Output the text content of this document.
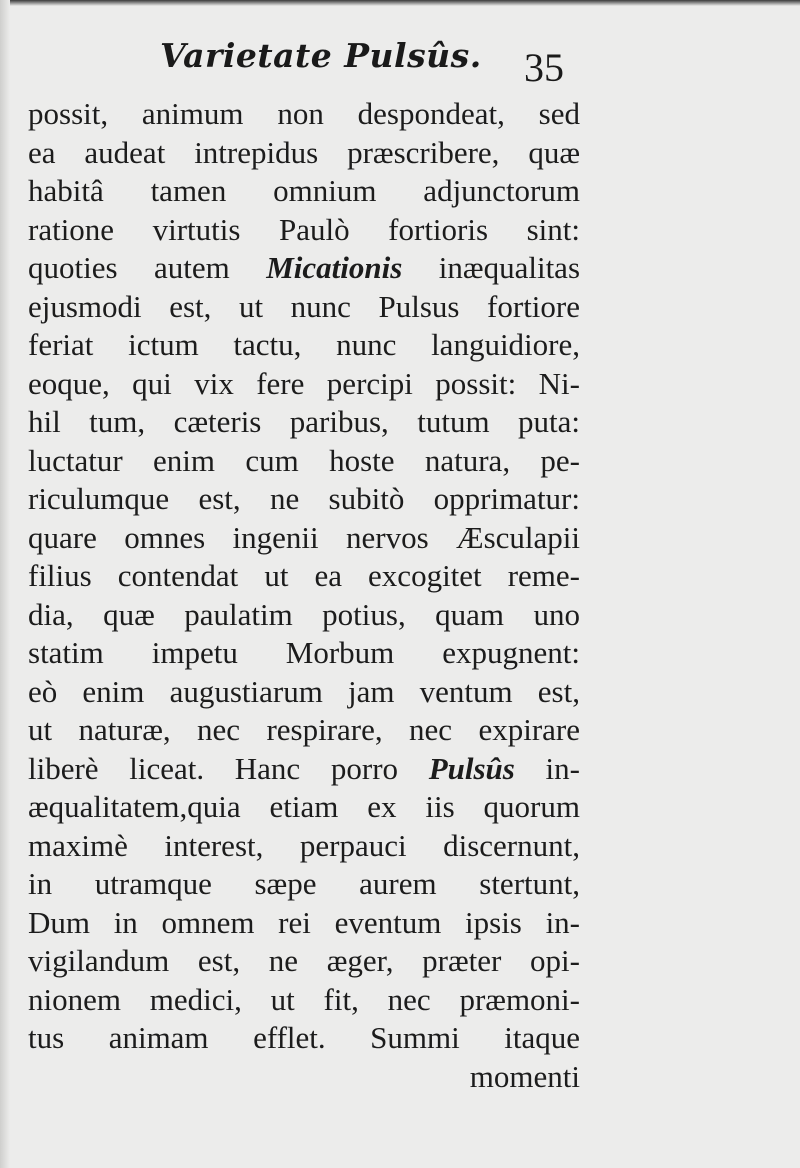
Varietate Pulsûs. 35
possit, animum non despondeat, sed
ea audeat intrepidus præscribere, quæ
habitâ tamen omnium adjunctorum
ratione virtutis Paulò fortioris sint:
quoties autem Micationis inæqualitas
ejusmodi est, ut nunc Pulsus fortiore
feriat ictum tactu, nunc languidiore,
eoque, qui vix fere percipi possit: Ni-
hil tum, cæteris paribus, tutum puta:
luctatur enim cum hoste natura, pe-
riculumque est, ne subitò opprimatur:
quare omnes ingenii nervos Æsculapii
filius contendat ut ea excogitet reme-
dia, quæ paulatim potius, quam uno
statim impetu Morbum expugnent:
eò enim augustiarum jam ventum est,
ut naturæ, nec respirare, nec expirare
liberè liceat. Hanc porro Pulsûs in-
æqualitatem,quia etiam ex iis quorum
maximè interest, perpauci discernunt,
in utramque sæpe aurem stertunt,
Dum in omnem rei eventum ipsis in-
vigilandum est, ne æger, præter opi-
nionem medici, ut fit, nec præmoni-
tus animam efflet. Summi itaque
momenti
